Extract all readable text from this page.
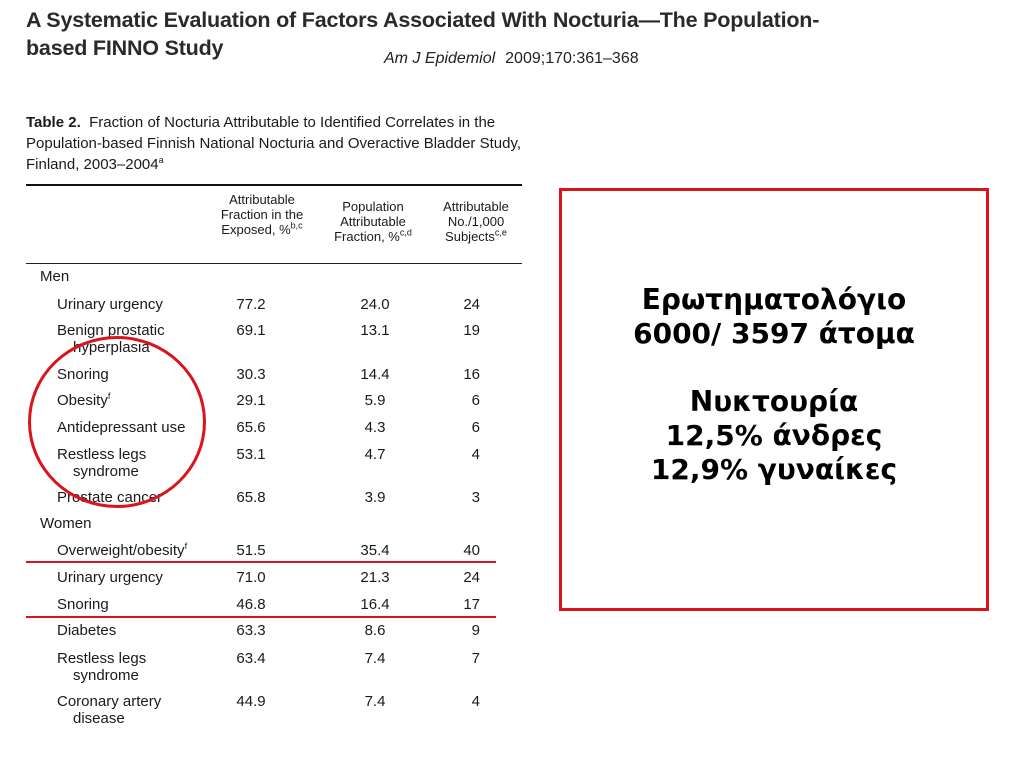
A Systematic Evaluation of Factors Associated With Nocturia—The Population-based FINNO Study	Am J Epidemiol 2009;170:361–368
Table 2. Fraction of Nocturia Attributable to Identified Correlates in the Population-based Finnish National Nocturia and Overactive Bladder Study, Finland, 2003–2004$^a$
Attributable Fraction in the Exposed, %$^{b,c}$
Population Attributable Fraction, %$^{c,d}$
Attributable No./1,000 Subjects$^{c,e}$
Men
Urinary urgency	77.2	24.0	24
Benign prostatic
hyperplasia
69.1	13.1	19
Snoring	30.3	14.4	16
Obesity$^f$	29.1	5.9	6
Antidepressant use	65.6	4.3	6
Restless legs
syndrome
53.1	4.7	4
Prostate cancer	65.8	3.9	3
Women
Overweight/obesity$^f$	51.5	35.4	40
Urinary urgency	71.0	21.3	24
Snoring	46.8	16.4	17
Diabetes	63.3	8.6	9
Restless legs
syndrome
63.4	7.4	7
Coronary artery
disease
44.9	7.4	4
Ερωτηματολόγιο
6000/ 3597 άτομα
Νυκτουρία
12,5% άνδρες
12,9% γυναίκες
